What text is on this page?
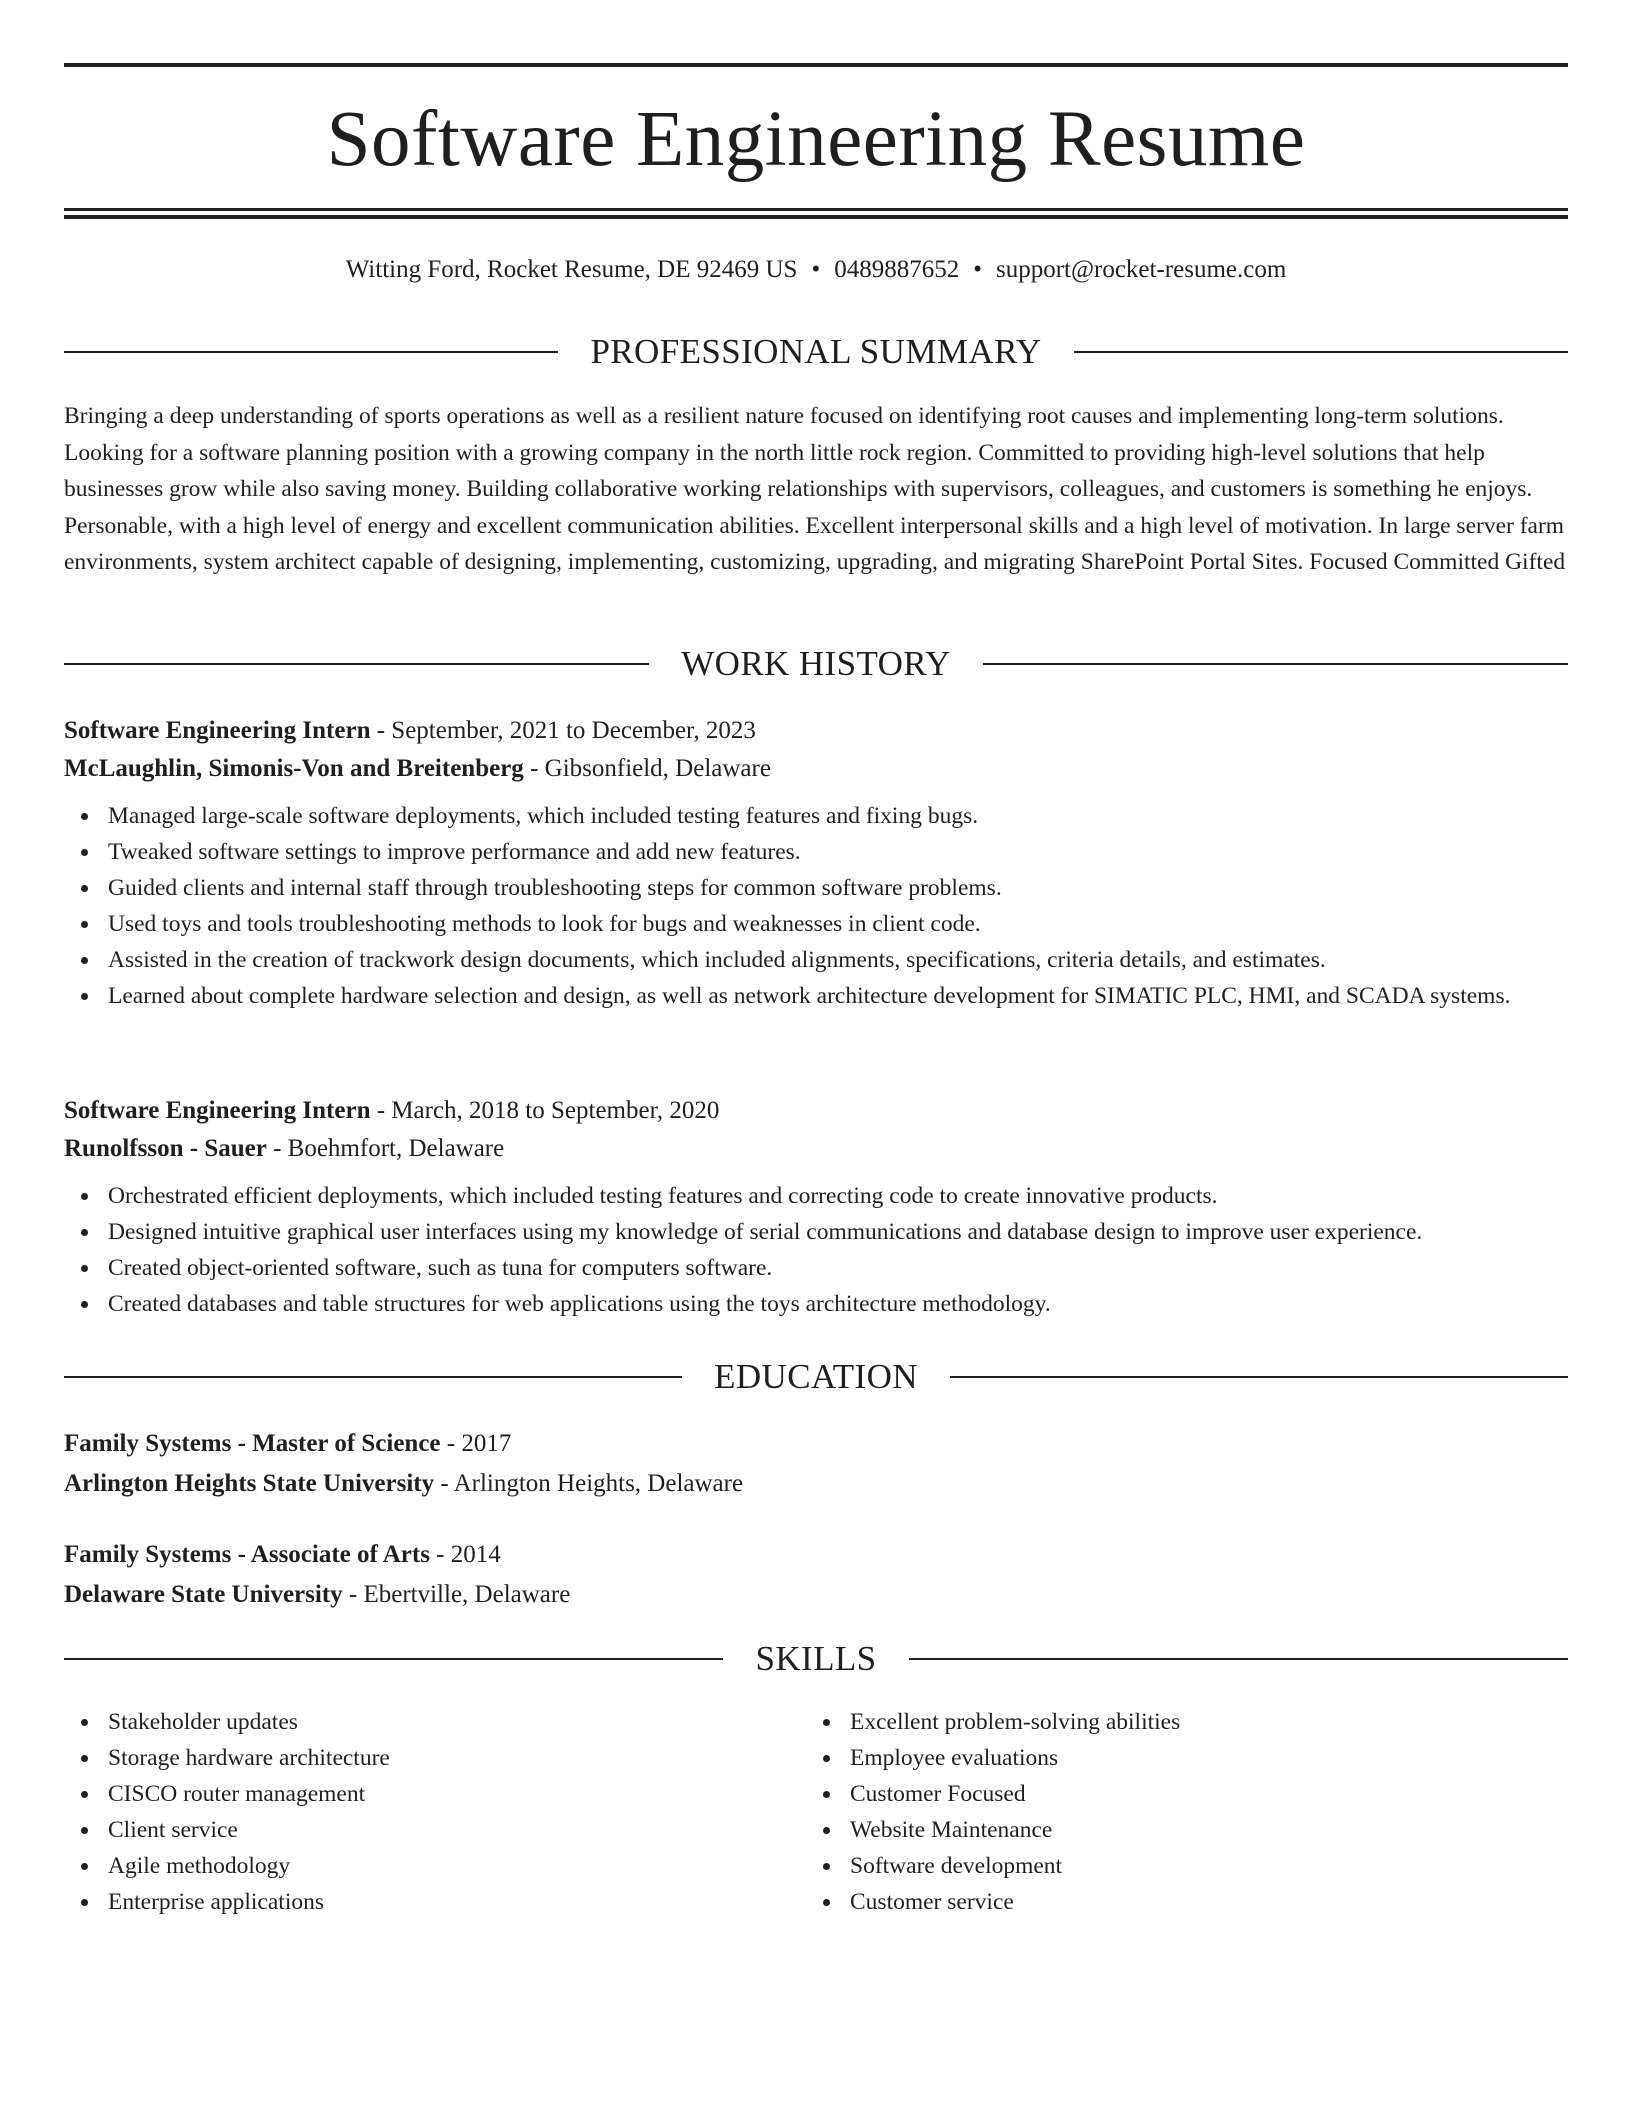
Software Engineering Resume
Witting Ford, Rocket Resume, DE 92469 US • 0489887652 • support@rocket-resume.com
PROFESSIONAL SUMMARY

Bringing a deep understanding of sports operations as well as a resilient nature focused on identifying root causes and implementing long-term solutions. Looking for a software planning position with a growing company in the north little rock region. Committed to providing high-level solutions that help businesses grow while also saving money. Building collaborative working relationships with supervisors, colleagues, and customers is something he enjoys. Personable, with a high level of energy and excellent communication abilities. Excellent interpersonal skills and a high level of motivation. In large server farm environments, system architect capable of designing, implementing, customizing, upgrading, and migrating SharePoint Portal Sites. Focused Committed Gifted

WORK HISTORY
Software Engineering Intern - September, 2021 to December, 2023
McLaughlin, Simonis-Von and Breitenberg - Gibsonfield, Delaware
Managed large-scale software deployments, which included testing features and fixing bugs.
Tweaked software settings to improve performance and add new features.
Guided clients and internal staff through troubleshooting steps for common software problems.
Used toys and tools troubleshooting methods to look for bugs and weaknesses in client code.
Assisted in the creation of trackwork design documents, which included alignments, specifications, criteria details, and estimates.
Learned about complete hardware selection and design, as well as network architecture development for SIMATIC PLC, HMI, and SCADA systems.
Software Engineering Intern - March, 2018 to September, 2020
Runolfsson - Sauer - Boehmfort, Delaware
Orchestrated efficient deployments, which included testing features and correcting code to create innovative products.
Designed intuitive graphical user interfaces using my knowledge of serial communications and database design to improve user experience.
Created object-oriented software, such as tuna for computers software.
Created databases and table structures for web applications using the toys architecture methodology.
EDUCATION
Family Systems - Master of Science - 2017
Arlington Heights State University - Arlington Heights, Delaware
Family Systems - Associate of Arts - 2014
Delaware State University - Ebertville, Delaware
SKILLS
Stakeholder updates
Storage hardware architecture
CISCO router management
Client service
Agile methodology
Enterprise applications
Excellent problem-solving abilities
Employee evaluations
Customer Focused
Website Maintenance
Software development
Customer service
